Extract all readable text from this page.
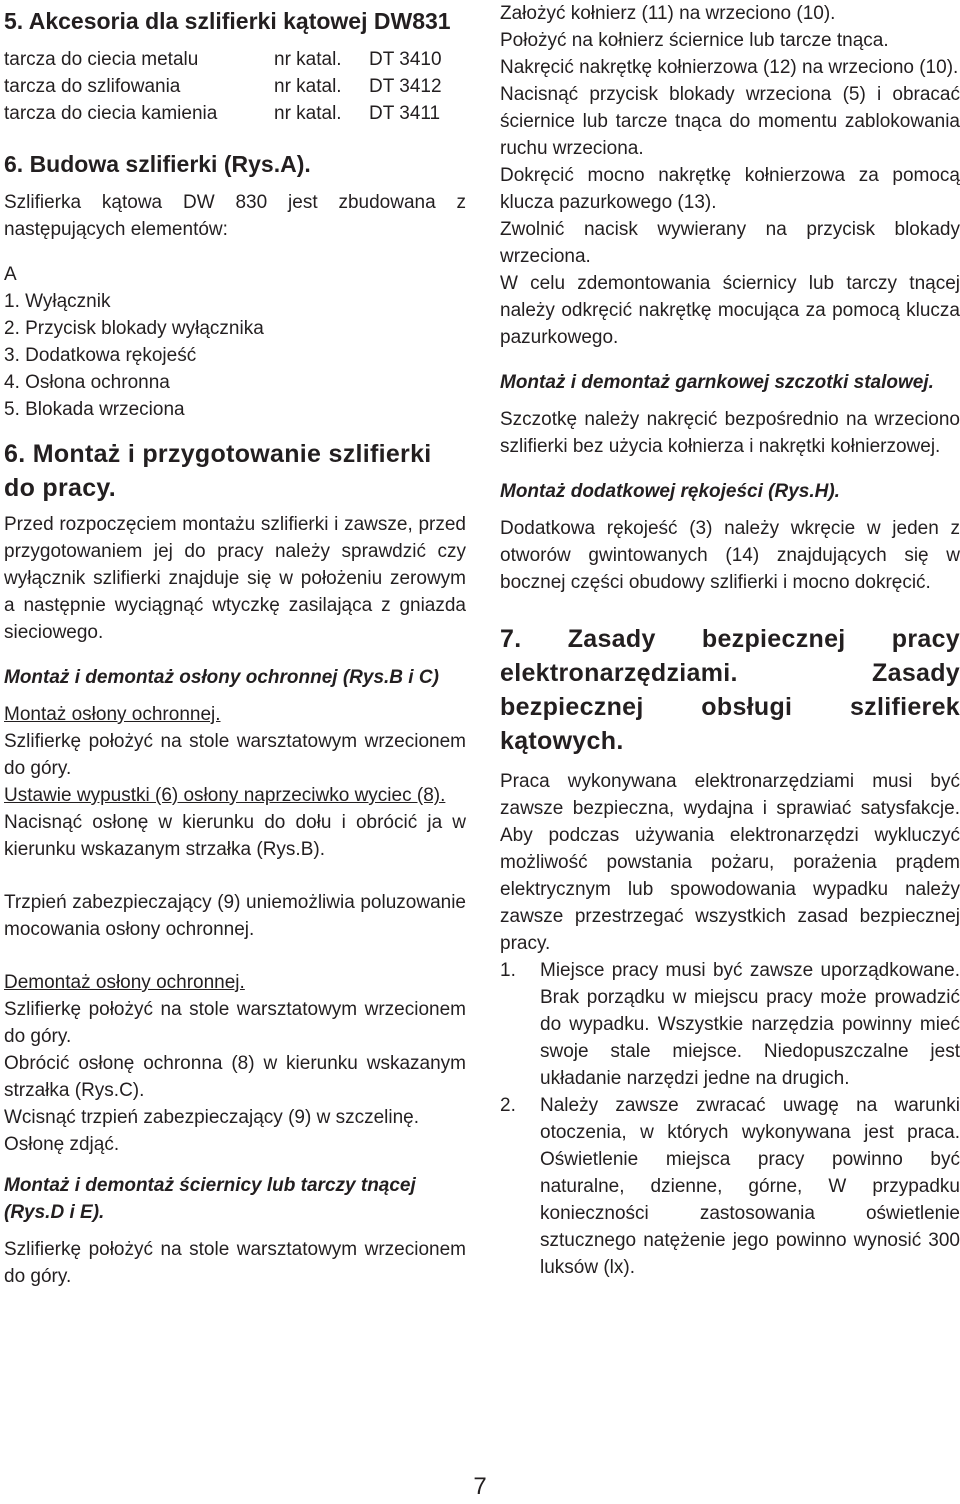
5. Akcesoria dla szlifierki kątowej DW831
tarcza do ciecia metalu	nr katal.	DT 3410
tarcza do szlifowania	nr katal.	DT 3412
tarcza do ciecia kamienia	nr katal.	DT 3411
6. Budowa szlifierki (Rys.A).

Szlifierka kątowa DW 830 jest zbudowana z następujących elementów:

A

1. Wyłącznik
2. Przycisk blokady wyłącznika
3. Dodatkowa rękojeść
4. Osłona ochronna
5. Blokada wrzeciona
6. Montaż i przygotowanie szlifierki do pracy.

Przed rozpoczęciem montażu szlifierki i zawsze, przed przygotowaniem jej do pracy należy sprawdzić czy wyłącznik szlifierki znajduje się w położeniu zerowym a następnie wyciągnąć wtyczkę zasilająca z gniazda sieciowego.

Montaż i demontaż osłony ochronnej (Rys.B i C)

Montaż osłony ochronnej.

Szlifierkę położyć na stole warsztatowym wrzecionem do góry.

Ustawie wypustki (6) osłony naprzeciwko wyciec (8).

Nacisnąć osłonę w kierunku do dołu i obrócić ja w kierunku wskazanym strzałka (Rys.B).

Trzpień zabezpieczający (9) uniemożliwia poluzowanie mocowania osłony ochronnej.

Demontaż osłony ochronnej.

Szlifierkę położyć na stole warsztatowym wrzecionem do góry.

Obrócić osłonę ochronna (8) w kierunku wskazanym strzałka (Rys.C).

Wcisnąć trzpień zabezpieczający (9) w szczelinę.

Osłonę zdjąć.

Montaż i demontaż ściernicy lub tarczy tnącej (Rys.D i E).

Szlifierkę położyć na stole warsztatowym wrzecionem do góry.

Założyć kołnierz (11) na wrzeciono (10).

Położyć na kołnierz ściernice lub tarcze tnąca.

Nakręcić nakrętkę kołnierzowa (12) na wrzeciono (10).

Nacisnąć przycisk blokady wrzeciona (5) i obracać ściernice lub tarcze tnąca do momentu zablokowania ruchu wrzeciona.

Dokręcić mocno nakrętkę kołnierzowa za pomocą klucza pazurkowego (13).

Zwolnić nacisk wywierany na przycisk blokady wrzeciona.

W celu zdemontowania ściernicy lub tarczy tnącej należy odkręcić nakrętkę mocująca za pomocą klucza pazurkowego.

Montaż i demontaż garnkowej szczotki stalowej.

Szczotkę należy nakręcić bezpośrednio na wrzeciono szlifierki bez użycia kołnierza i nakrętki kołnierzowej.

Montaż dodatkowej rękojeści (Rys.H).

Dodatkowa rękojeść (3) należy wkręcie w jeden z otworów gwintowanych (14) znajdujących się w bocznej części obudowy szlifierki i mocno dokręcić.

7. Zasady bezpiecznej pracy elektronarzędziami. Zasady bezpiecznej obsługi szlifierek kątowych.

Praca wykonywana elektronarzędziami musi być zawsze bezpieczna, wydajna i sprawiać satysfakcje. Aby podczas używania elektronarzędzi wykluczyć możliwość powstania pożaru, porażenia prądem elektrycznym lub spowodowania wypadku należy zawsze przestrzegać wszystkich zasad bezpiecznej pracy.

1.	Miejsce pracy musi być zawsze uporządkowane. Brak porządku w miejscu pracy może prowadzić do wypadku. Wszystkie narzędzia powinny mieć swoje stale miejsce. Niedopuszczalne jest układanie narzędzi jedne na drugich.
2.	Należy zawsze zwracać uwagę na warunki otoczenia, w których wykonywana jest praca. Oświetlenie miejsca pracy powinno być naturalne, dzienne, górne, W przypadku konieczności zastosowania oświetlenie sztucznego natężenie jego powinno wynosić 300 luksów (lx).
7
